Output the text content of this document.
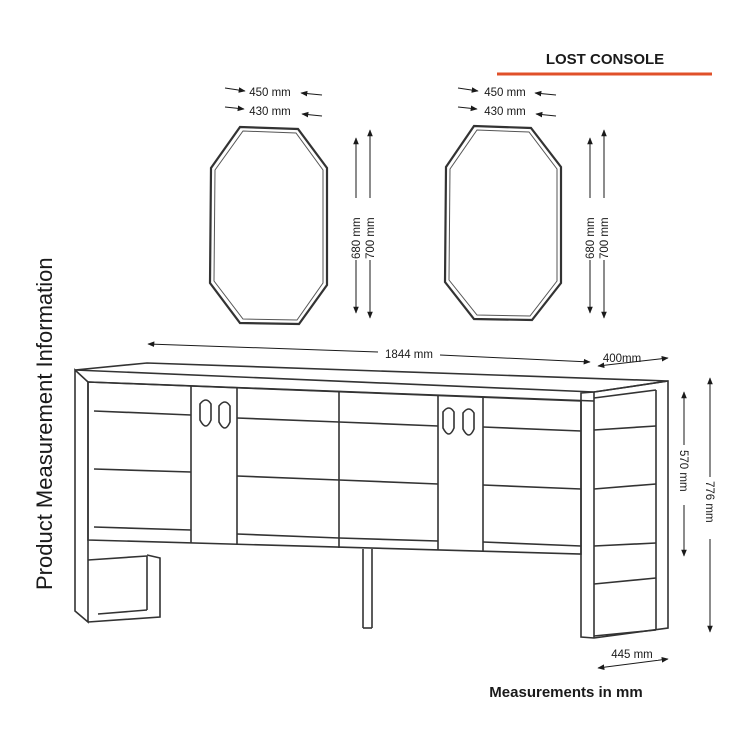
LOST CONSOLE
Product Measurement Information
450 mm
430 mm
680 mm 700 mm
450 mm
430 mm
680 mm 700 mm
1844 mm	400mm
570 mm
776 mm
445 mm
Measurements in mm
